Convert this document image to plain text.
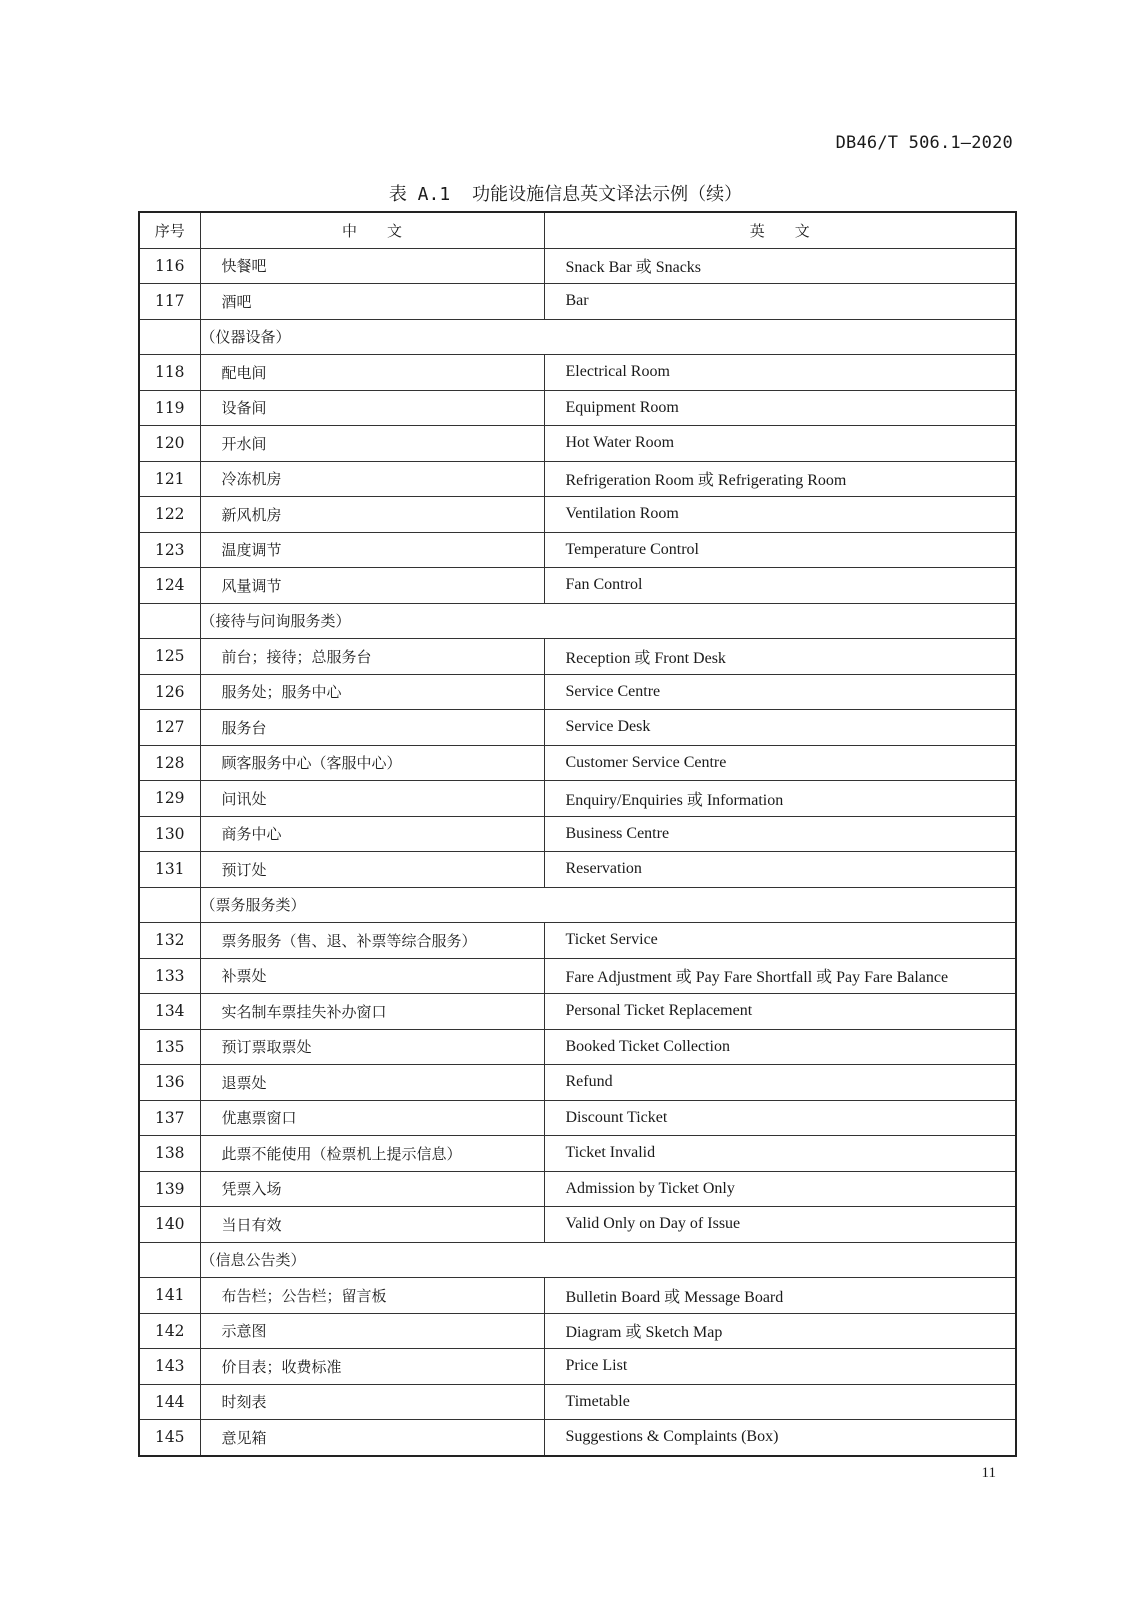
DB46/T 506.1—2020
表 A.1 功能设施信息英文译法示例（续）
序号	中文	英文
116	快餐吧	Snack Bar 或 Snacks
117	酒吧	Bar
	（仪器设备）	
118	配电间	Electrical Room
119	设备间	Equipment Room
120	开水间	Hot Water Room
121	冷冻机房	Refrigeration Room 或 Refrigerating Room
122	新风机房	Ventilation Room
123	温度调节	Temperature Control
124	风量调节	Fan Control
	（接待与问询服务类）	
125	前台；接待；总服务台	Reception 或 Front Desk
126	服务处；服务中心	Service Centre
127	服务台	Service Desk
128	顾客服务中心（客服中心）	Customer Service Centre
129	问讯处	Enquiry/Enquiries 或 Information
130	商务中心	Business Centre
131	预订处	Reservation
	（票务服务类）	
132	票务服务（售、退、补票等综合服务）	Ticket Service
133	补票处	Fare Adjustment 或 Pay Fare Shortfall 或 Pay Fare Balance
134	实名制车票挂失补办窗口	Personal Ticket Replacement
135	预订票取票处	Booked Ticket Collection
136	退票处	Refund
137	优惠票窗口	Discount Ticket
138	此票不能使用（检票机上提示信息）	Ticket Invalid
139	凭票入场	Admission by Ticket Only
140	当日有效	Valid Only on Day of Issue
	（信息公告类）	
141	布告栏；公告栏；留言板	Bulletin Board 或 Message Board
142	示意图	Diagram 或 Sketch Map
143	价目表；收费标准	Price List
144	时刻表	Timetable
145	意见箱	Suggestions & Complaints (Box)
11
